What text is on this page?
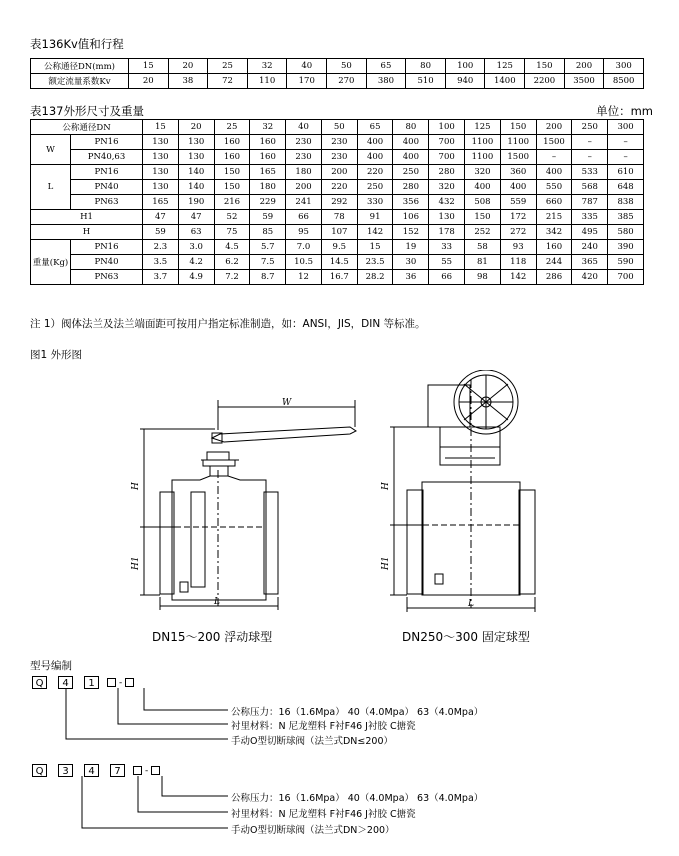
表136Kv值和行程
公称通径DN(mm)	15	20	25	32	40	50	65	80	100	125	150	200	300
额定流量系数Kv	20	38	72	110	170	270	380	510	940	1400	2200	3500	8500
表137外形尺寸及重量	单位：mm
公称通径DN		15	20	25	32	40	50	65	80	100	125	150	200	250	300
W	PN16	130	130	160	160	230	230	400	400	700	1100	1100	1500	–	–
	PN40,63	130	130	160	160	230	230	400	400	700	1100	1500	–	–	–
L	PN16	130	140	150	165	180	200	220	250	280	320	360	400	533	610
	PN40	130	140	150	180	200	220	250	280	320	400	400	550	568	648
	PN63	165	190	216	229	241	292	330	356	432	508	559	660	787	838
H1		47	47	52	59	66	78	91	106	130	150	172	215	335	385
H		59	63	75	85	95	107	142	152	178	252	272	342	495	580
重量(Kg)	PN16	2.3	3.0	4.5	5.7	7.0	9.5	15	19	33	58	93	160	240	390
	PN40	3.5	4.2	6.2	7.5	10.5	14.5	23.5	30	55	81	118	244	365	590
	PN63	3.7	4.9	7.2	8.7	12	16.7	28.2	36	66	98	142	286	420	700
注 1）阀体法兰及法兰端面距可按用户指定标准制造，如：ANSI，JIS，DIN 等标准。
图1 外形图
W
H
H1
L
H
H1
L
DN15～200 浮动球型	DN250～300 固定球型
型号编制
Q	4	1	-
公称压力：16（1.6Mpa） 40（4.0Mpa） 63（4.0Mpa）
衬里材料：N 尼龙塑料 F衬F46 J衬胶 C搪瓷
手动O型切断球阀（法兰式DN≤200）
Q	3	4	7	-
公称压力：16（1.6Mpa） 40（4.0Mpa） 63（4.0Mpa）
衬里材料：N 尼龙塑料 F衬F46 J衬胶 C搪瓷
手动O型切断球阀（法兰式DN＞200）
